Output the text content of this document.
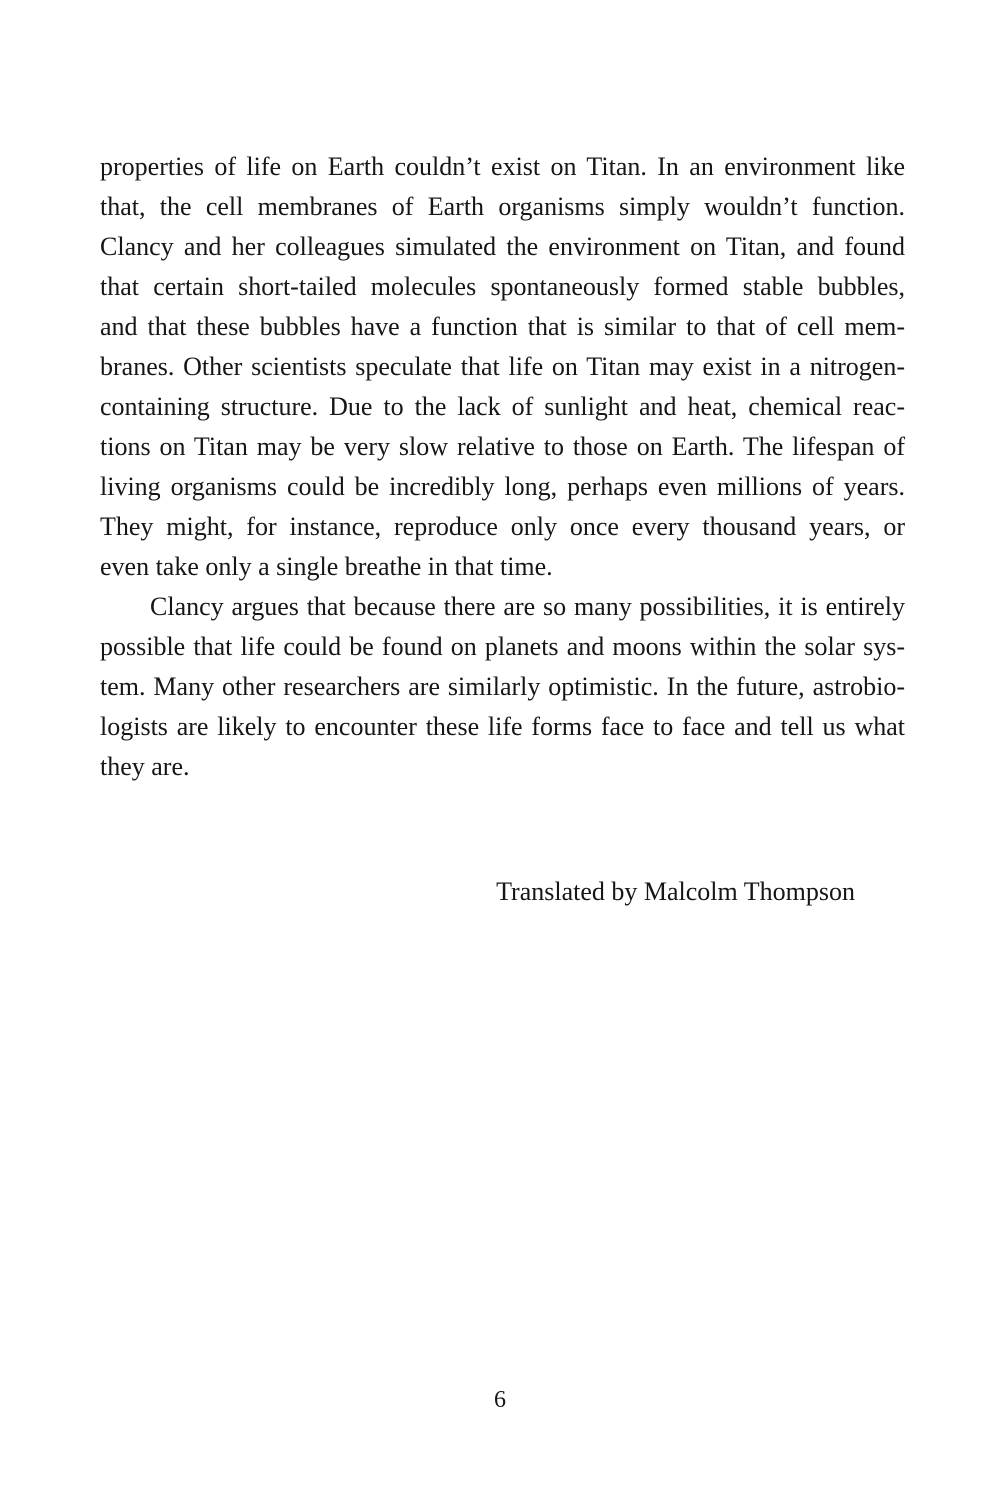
properties of life on Earth couldn’t exist on Titan. In an environment like
that, the cell membranes of Earth organisms simply wouldn’t function.
Clancy and her colleagues simulated the environment on Titan, and found
that certain short-tailed molecules spontaneously formed stable bubbles,
and that these bubbles have a function that is similar to that of cell mem-
branes. Other scientists speculate that life on Titan may exist in a nitrogen-
containing structure. Due to the lack of sunlight and heat, chemical reac-
tions on Titan may be very slow relative to those on Earth. The lifespan of
living organisms could be incredibly long, perhaps even millions of years.
They might, for instance, reproduce only once every thousand years, or
even take only a single breathe in that time.
Clancy argues that because there are so many possibilities, it is entirely
possible that life could be found on planets and moons within the solar sys-
tem. Many other researchers are similarly optimistic. In the future, astrobio-
logists are likely to encounter these life forms face to face and tell us what
they are.
Translated by Malcolm Thompson
6
